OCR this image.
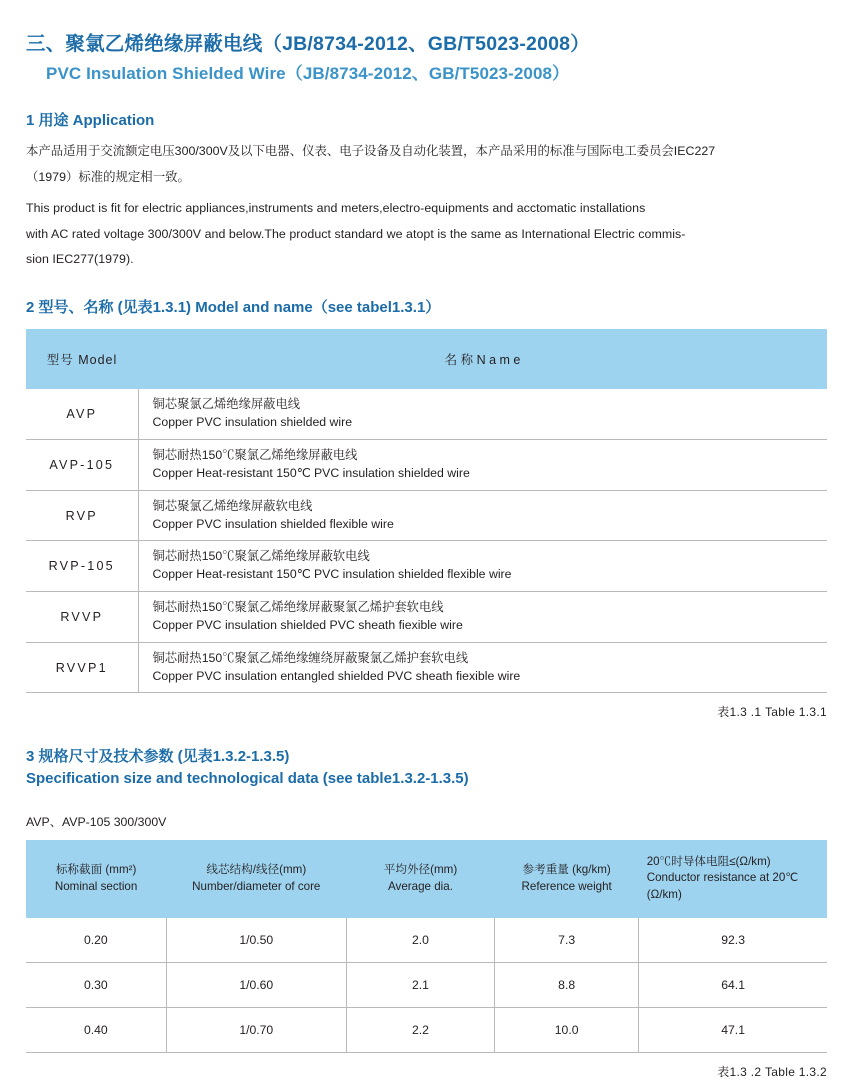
三、聚氯乙烯绝缘屏蔽电线（JB/8734-2012、GB/T5023-2008）
PVC Insulation Shielded Wire（JB/8734-2012、GB/T5023-2008）
1 用途 Application

本产品适用于交流额定电压300/300V及以下电器、仪表、电子设备及自动化装置，本产品采用的标准与国际电工委员会IEC227

（1979）标准的规定相一致。

This product is fit for electric appliances,instruments and meters,electro-equipments and acctomatic installations

with AC rated voltage 300/300V and below.The product standard we atopt is the same as International Electric commis-

sion IEC277(1979).

2 型号、名称 (见表1.3.1) Model and name（see tabel1.3.1）
型号 Model	名 称 N a m e
AVP	铜芯聚氯乙烯绝缘屏蔽电线
Copper PVC insulation shielded wire

AVP-105	铜芯耐热150℃聚氯乙烯绝缘屏蔽电线
Copper Heat-resistant 150℃ PVC insulation shielded wire

RVP	铜芯聚氯乙烯绝缘屏蔽软电线
Copper PVC insulation shielded flexible wire

RVP-105	铜芯耐热150℃聚氯乙烯绝缘屏蔽软电线
Copper Heat-resistant 150℃ PVC insulation shielded flexible wire

RVVP	铜芯耐热150℃聚氯乙烯绝缘屏蔽聚氯乙烯护套软电线
Copper PVC insulation shielded PVC sheath fiexible wire

RVVP1	铜芯耐热150℃聚氯乙烯绝缘缠绕屏蔽聚氯乙烯护套软电线
Copper PVC insulation entangled shielded PVC sheath fiexible wire
表1.3 .1 Table 1.3.1
3 规格尺寸及技术参数 (见表1.3.2-1.3.5)
Specification size and technological data (see table1.3.2-1.3.5)
AVP、AVP-105 300/300V
标称截面 (mm²)
Nominal section

线芯结构/线径(mm)
Number/diameter of core

平均外径(mm)
Average dia.

参考重量 (kg/km)
Reference weight

20℃时导体电阻≤(Ω/km)
Conductor resistance at 20℃ (Ω/km)

0.20	1/0.50	2.0	7.3	92.3
0.30	1/0.60	2.1	8.8	64.1
0.40	1/0.70	2.2	10.0	47.1
表1.3 .2 Table 1.3.2
